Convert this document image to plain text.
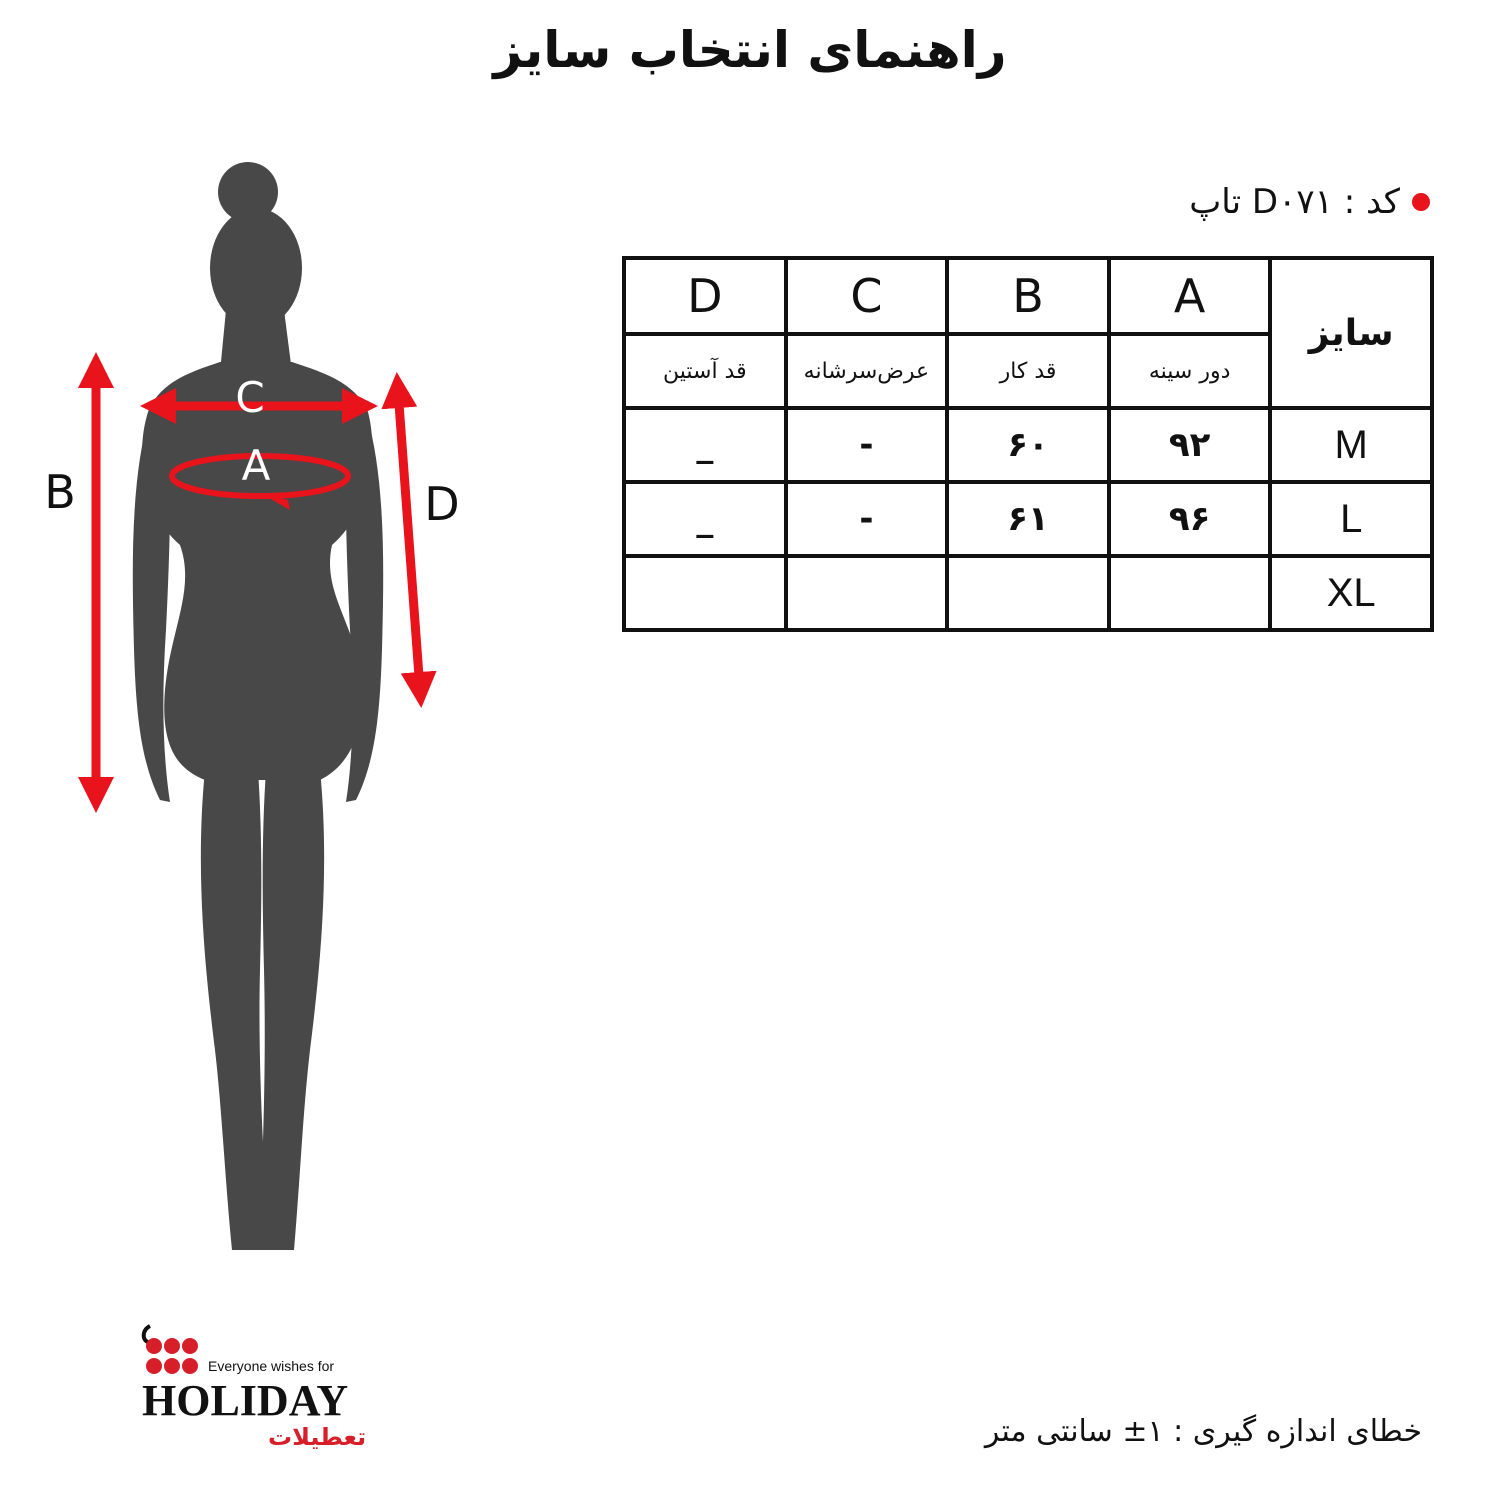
راهنمای انتخاب سایز
C
A
B	D
کد : D۰۷۱ تاپ
سایز	A	B	C	D
	دور سینه	قد کار	عرض‌سرشانه	قد آستین
M	۹۲	۶۰	-	_
L	۹۶	۶۱	-	_
XL				
Everyone wishes for
HOLIDAY
تعطیلات	خطای اندازه گیری : ۱± سانتی متر
